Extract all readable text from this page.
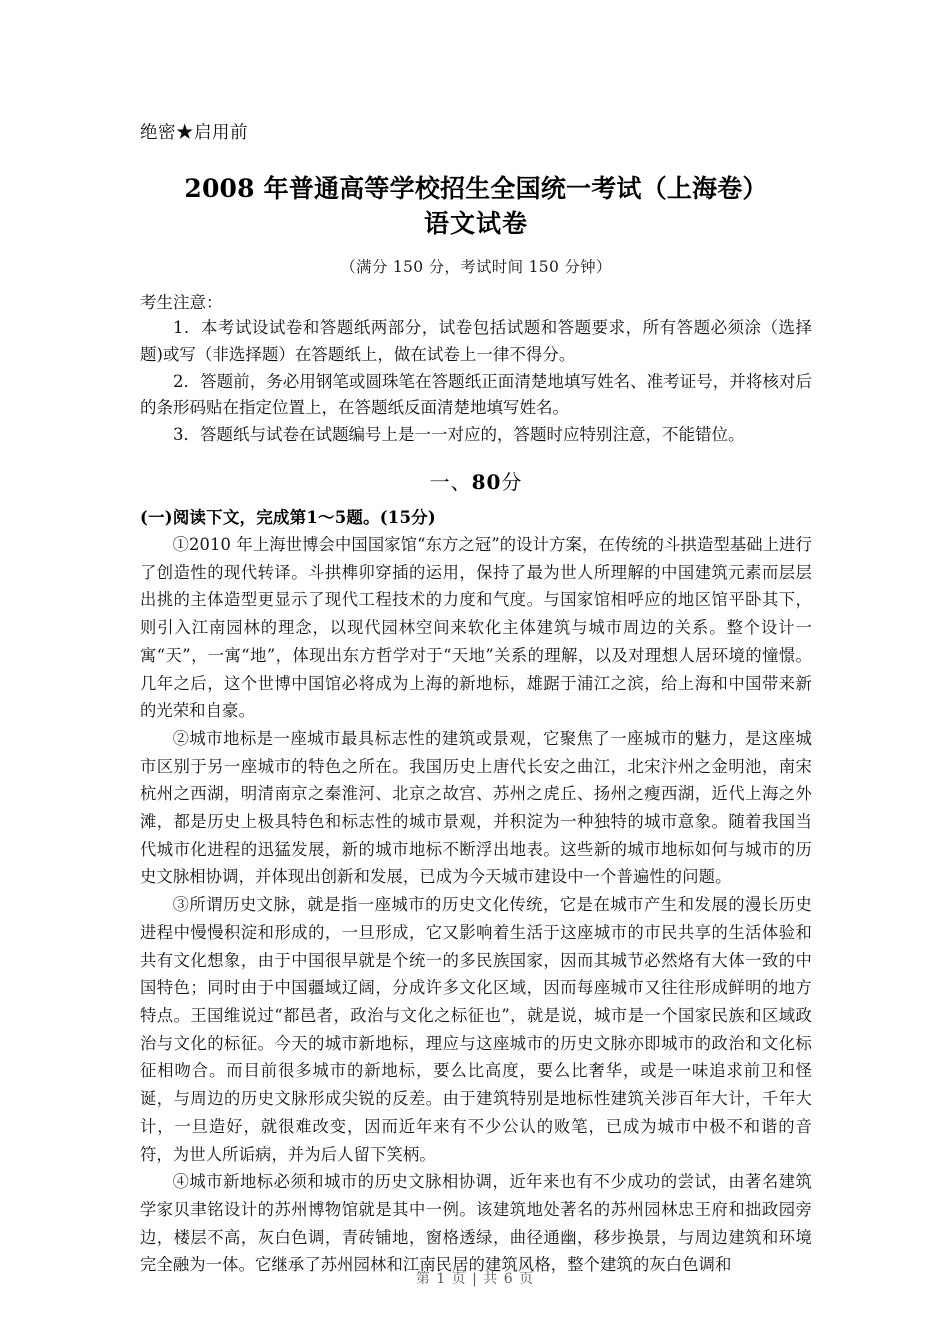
绝密★启用前
2008 年普通高等学校招生全国统一考试（上海卷）
语文试卷
（满分 150 分，考试时间 150 分钟）
考生注意：
1．本考试设试卷和答题纸两部分，试卷包括试题和答题要求，所有答题必须涂（选择题)或写（非选择题）在答题纸上，做在试卷上一律不得分。
2．答题前，务必用钢笔或圆珠笔在答题纸正面清楚地填写姓名、准考证号，并将核对后的条形码贴在指定位置上，在答题纸反面清楚地填写姓名。
3．答题纸与试卷在试题编号上是一一对应的，答题时应特别注意，不能错位。
一、80分
(一)阅读下文，完成第1～5题。(15分)
①2010 年上海世博会中国国家馆“东方之冠”的设计方案，在传统的斗拱造型基础上进行了创造性的现代转译。斗拱榫卯穿插的运用，保持了最为世人所理解的中国建筑元素而层层出挑的主体造型更显示了现代工程技术的力度和气度。与国家馆相呼应的地区馆平卧其下，则引入江南园林的理念，以现代园林空间来软化主体建筑与城市周边的关系。整个设计一寓“天”，一寓“地”，体现出东方哲学对于“天地”关系的理解，以及对理想人居环境的憧憬。几年之后，这个世博中国馆必将成为上海的新地标，雄踞于浦江之滨，给上海和中国带来新的光荣和自豪。
②城市地标是一座城市最具标志性的建筑或景观，它聚焦了一座城市的魅力，是这座城市区别于另一座城市的特色之所在。我国历史上唐代长安之曲江，北宋汴州之金明池，南宋杭州之西湖，明清南京之秦淮河、北京之故宫、苏州之虎丘、扬州之瘦西湖，近代上海之外滩，都是历史上极具特色和标志性的城市景观，并积淀为一种独特的城市意象。随着我国当代城市化进程的迅猛发展，新的城市地标不断浮出地表。这些新的城市地标如何与城市的历史文脉相协调，并体现出创新和发展，已成为今天城市建设中一个普遍性的问题。
③所谓历史文脉，就是指一座城市的历史文化传统，它是在城市产生和发展的漫长历史进程中慢慢积淀和形成的，一旦形成，它又影响着生活于这座城市的市民共享的生活体验和共有文化想象，由于中国很早就是个统一的多民族国家，因而其城节必然烙有大体一致的中国特色；同时由于中国疆域辽阔，分成许多文化区域，因而每座城市又往往形成鲜明的地方特点。王国维说过“都邑者，政治与文化之标征也”，就是说，城市是一个国家民族和区域政治与文化的标征。今天的城市新地标，理应与这座城市的历史文脉亦即城市的政治和文化标征相吻合。而目前很多城市的新地标，要么比高度，要么比奢华，或是一味追求前卫和怪诞，与周边的历史文脉形成尖锐的反差。由于建筑特别是地标性建筑关涉百年大计，千年大计，一旦造好，就很难改变，因而近年来有不少公认的败笔，已成为城市中极不和谐的音符，为世人所诟病，并为后人留下笑柄。
④城市新地标必须和城市的历史文脉相协调，近年来也有不少成功的尝试，由著名建筑学家贝聿铭设计的苏州博物馆就是其中一例。该建筑地处著名的苏州园林忠王府和拙政园旁边，楼层不高，灰白色调，青砖铺地，窗格透绿，曲径通幽，移步换景，与周边建筑和环境完全融为一体。它继承了苏州园林和江南民居的建筑风格，整个建筑的灰白色调和
第 1 页 | 共 6 页
